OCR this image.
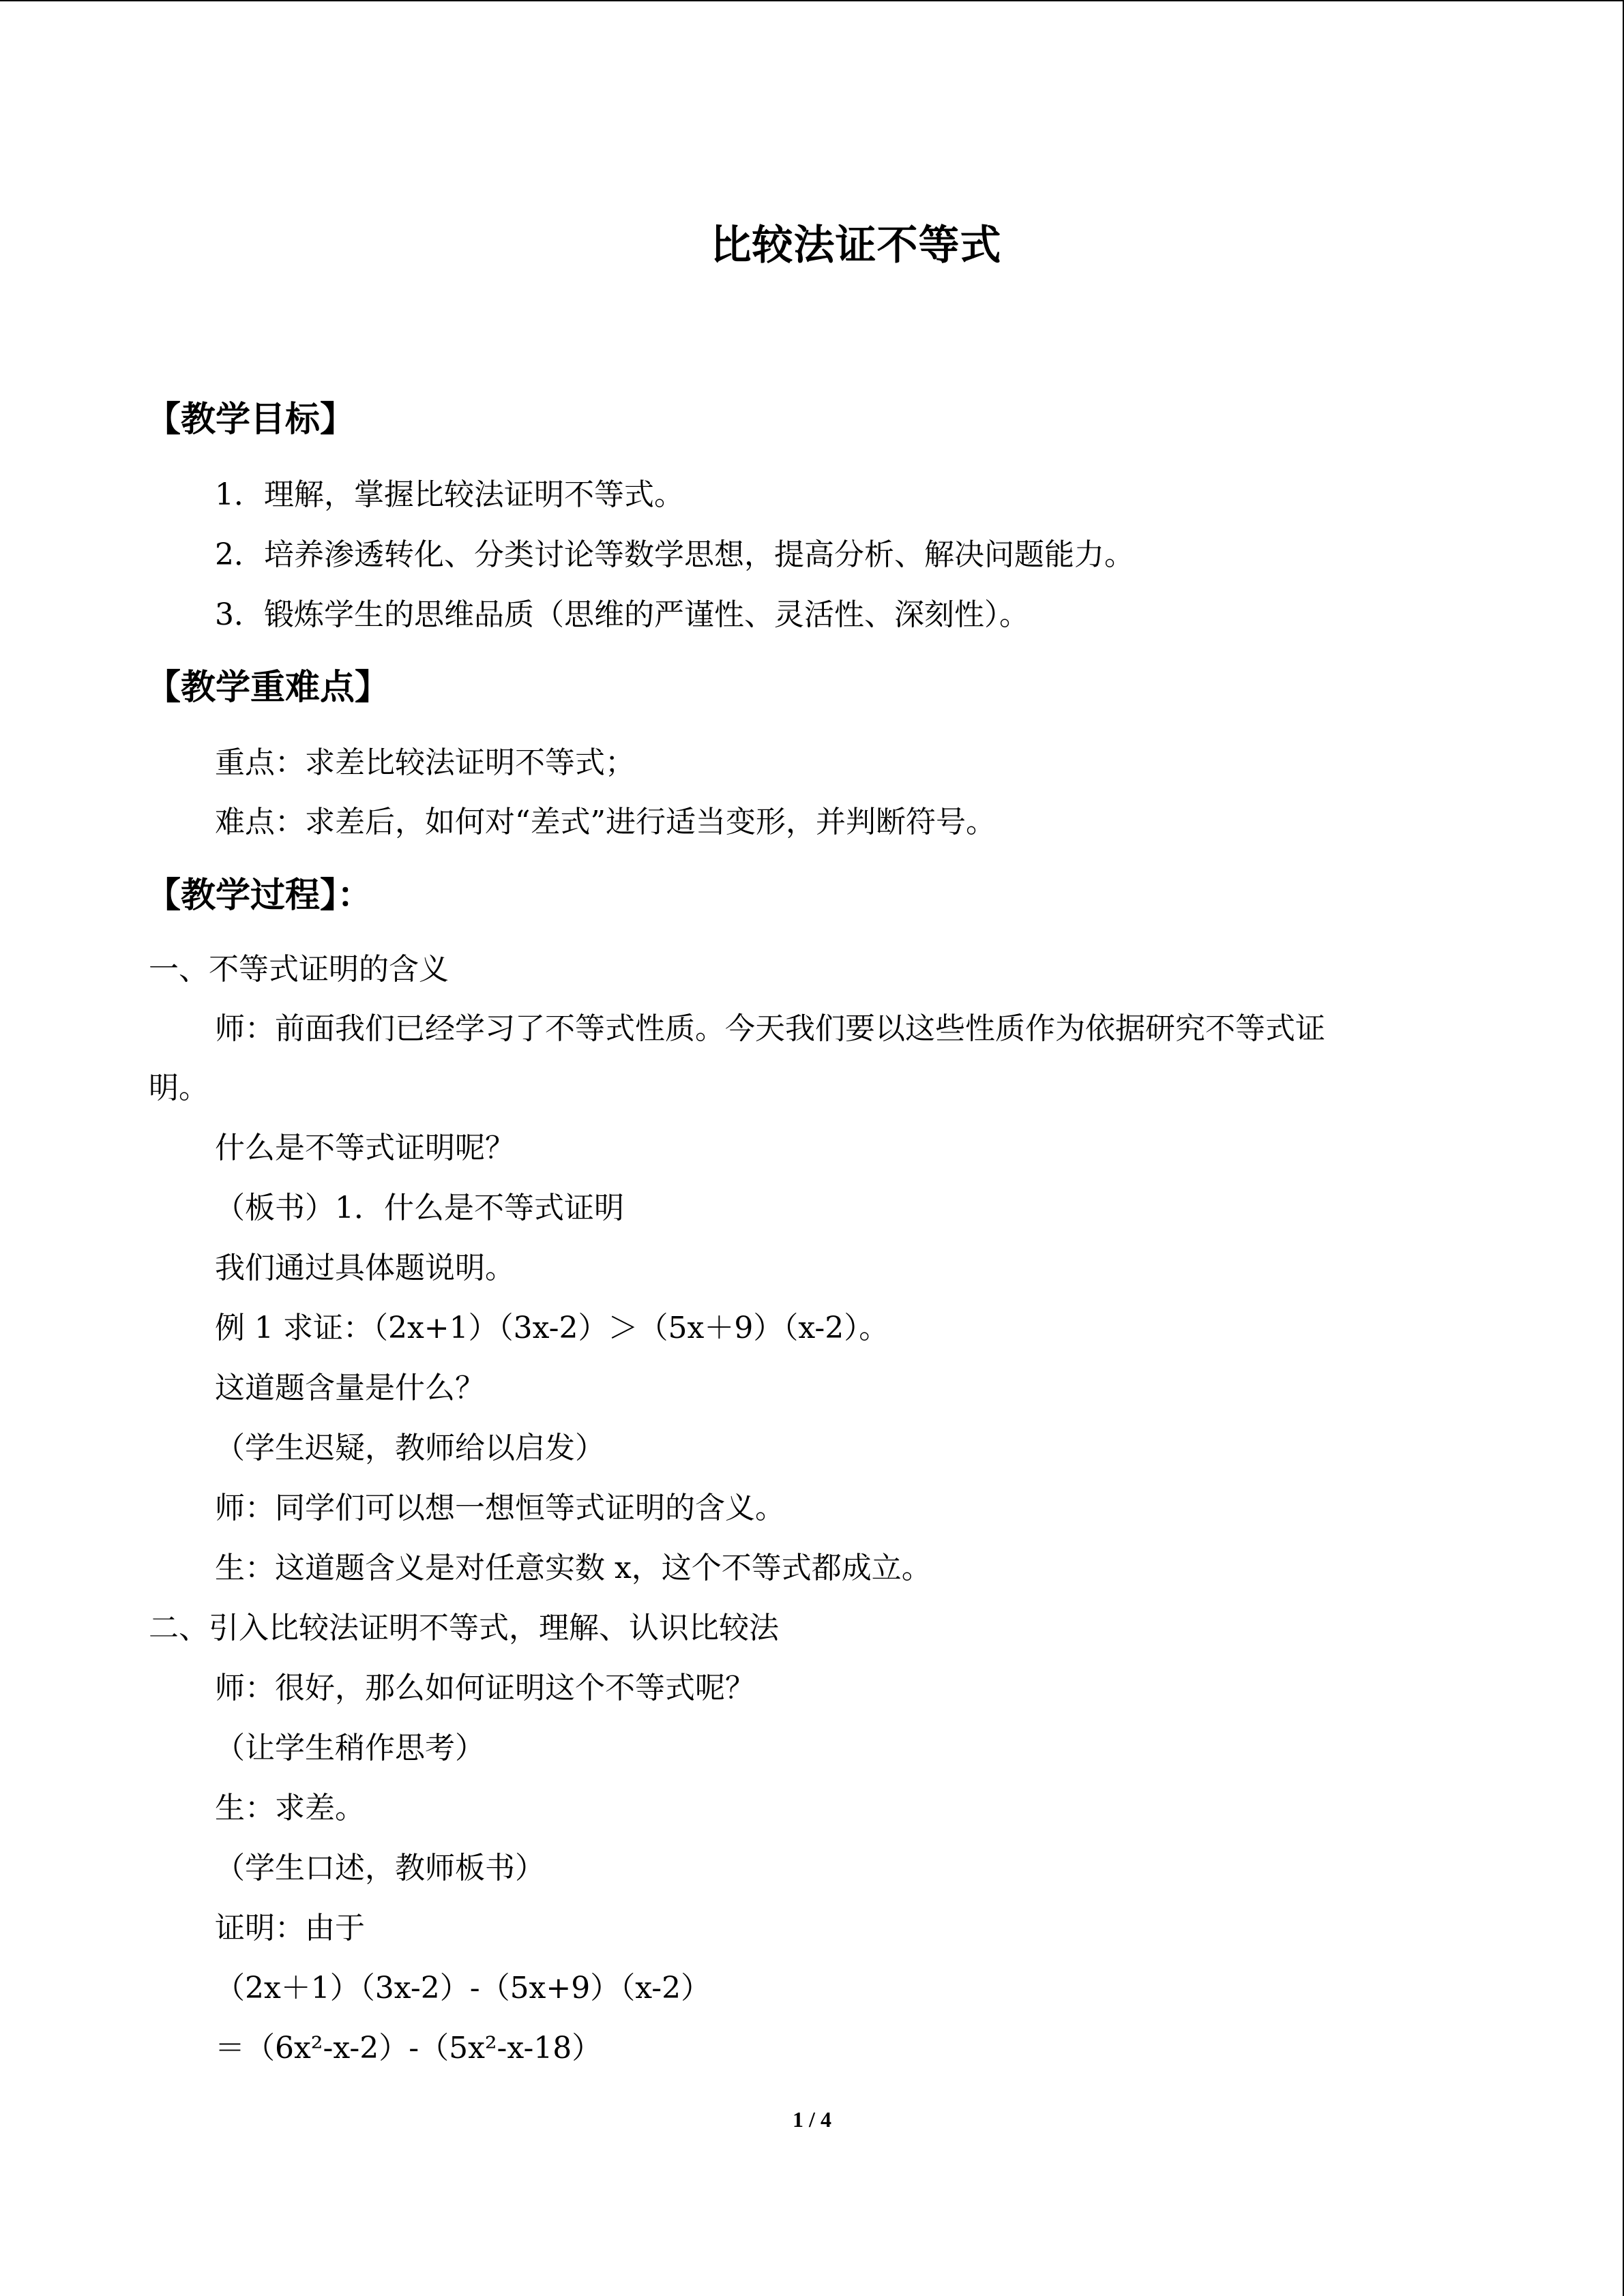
比较法证不等式
【教学目标】
1．理解，掌握比较法证明不等式。
2．培养渗透转化、分类讨论等数学思想，提高分析、解决问题能力。
3．锻炼学生的思维品质（思维的严谨性、灵活性、深刻性）。
【教学重难点】
重点：求差比较法证明不等式；
难点：求差后，如何对“差式”进行适当变形，并判断符号。
【教学过程】：
一、不等式证明的含义
师：前面我们已经学习了不等式性质。今天我们要以这些性质作为依据研究不等式证
明。
什么是不等式证明呢？
（板书）1．什么是不等式证明
我们通过具体题说明。
例 1 求证：（2x+1）（3x-2）＞（5x＋9）（x-2）。
这道题含量是什么？
（学生迟疑，教师给以启发）
师：同学们可以想一想恒等式证明的含义。
生：这道题含义是对任意实数 x，这个不等式都成立。
二、引入比较法证明不等式，理解、认识比较法
师：很好，那么如何证明这个不等式呢？
（让学生稍作思考）
生：求差。
（学生口述，教师板书）
证明：由于
（2x＋1）（3x-2）-（5x+9）（x-2）
＝（6x²-x-2）-（5x²-x-18）
1 / 4
